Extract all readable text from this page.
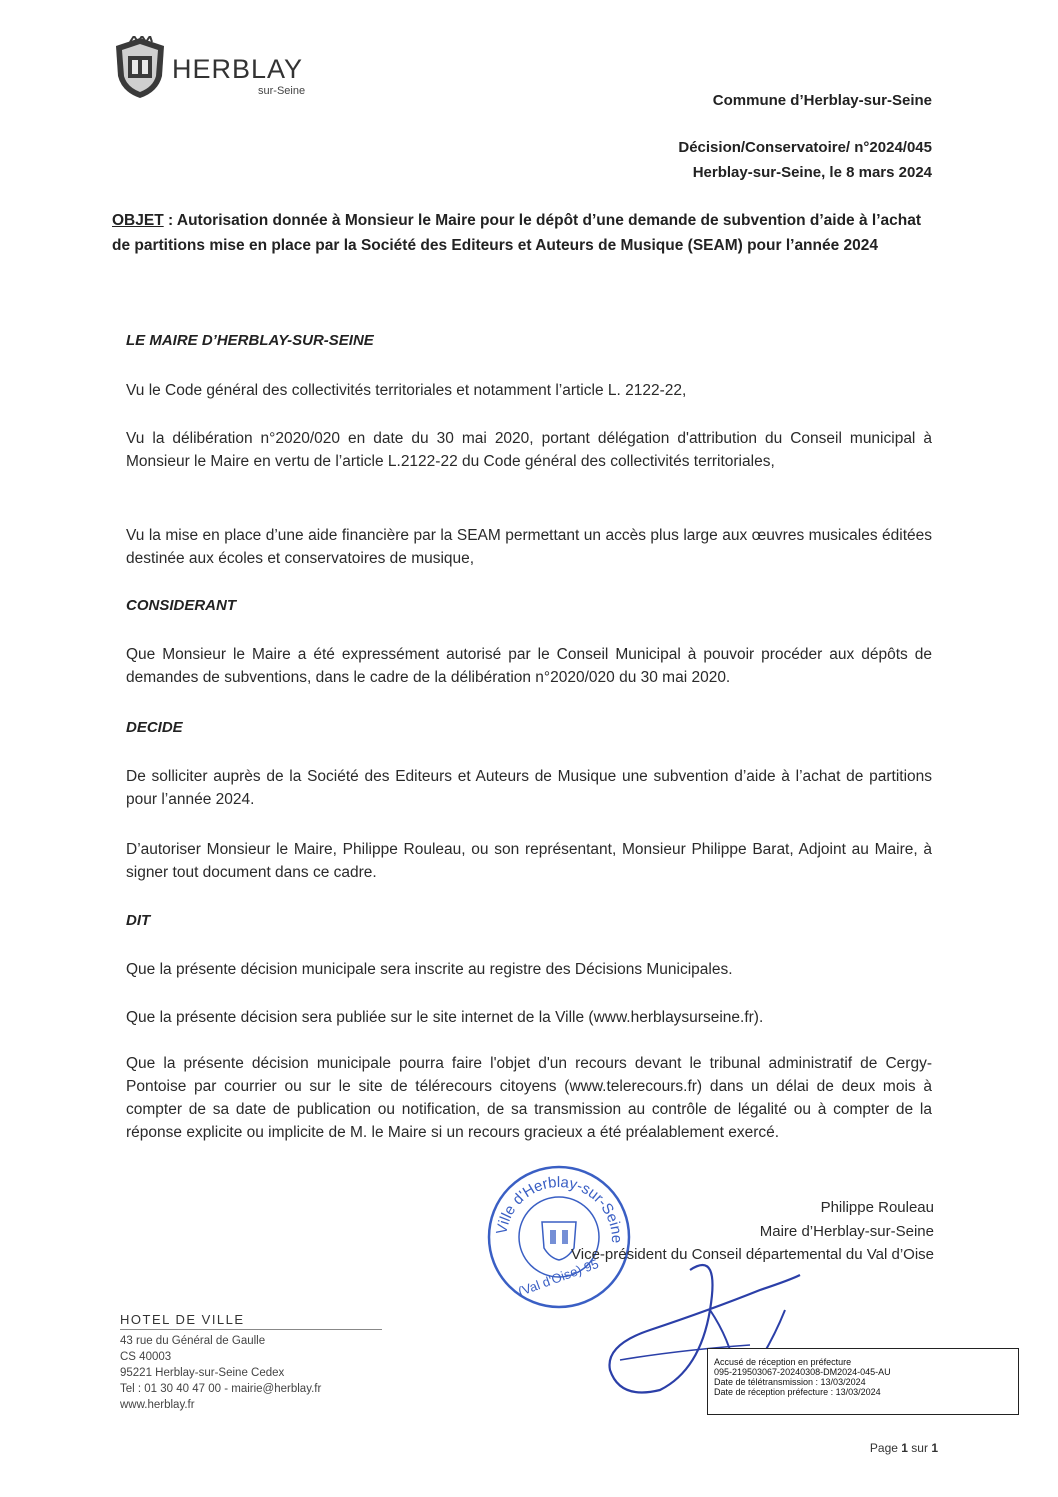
HERBLAY
sur-Seine
Commune d’Herblay-sur-Seine
Décision/Conservatoire/ n°2024/045
Herblay-sur-Seine, le 8 mars 2024
OBJET : Autorisation donnée à Monsieur le Maire pour le dépôt d’une demande de subvention d’aide à l’achat de partitions mise en place par la Société des Editeurs et Auteurs de Musique (SEAM) pour l’année 2024
LE MAIRE D’HERBLAY-SUR-SEINE
Vu le Code général des collectivités territoriales et notamment l’article L. 2122-22,
Vu la délibération n°2020/020 en date du 30 mai 2020, portant délégation d'attribution du Conseil municipal à Monsieur le Maire en vertu de l’article L.2122-22 du Code général des collectivités territoriales,
Vu la mise en place d’une aide financière par la SEAM permettant un accès plus large aux œuvres musicales éditées destinée aux écoles et conservatoires de musique,
CONSIDERANT
Que Monsieur le Maire a été expressément autorisé par le Conseil Municipal à pouvoir procéder aux dépôts de demandes de subventions, dans le cadre de la délibération n°2020/020 du 30 mai 2020.
DECIDE
De solliciter auprès de la Société des Editeurs et Auteurs de Musique une subvention d’aide à l’achat de partitions pour l’année 2024.
D’autoriser Monsieur le Maire, Philippe Rouleau, ou son représentant, Monsieur Philippe Barat, Adjoint au Maire, à signer tout document dans ce cadre.
DIT
Que la présente décision municipale sera inscrite au registre des Décisions Municipales.
Que la présente décision sera publiée sur le site internet de la Ville (www.herblaysurseine.fr).
Que la présente décision municipale pourra faire l'objet d'un recours devant le tribunal administratif de Cergy-Pontoise par courrier ou sur le site de télérecours citoyens (www.telerecours.fr) dans un délai de deux mois à compter de sa date de publication ou notification, de sa transmission au contrôle de légalité ou à compter de la réponse explicite ou implicite de M. le Maire si un recours gracieux a été préalablement exercé.
Ville d'Herblay-sur-Seine
(Val d'Oise) 95
Philippe Rouleau
Maire d’Herblay-sur-Seine
Vice-président du Conseil départemental du Val d’Oise
HOTEL DE VILLE
43 rue du Général de Gaulle
CS 40003
95221 Herblay-sur-Seine Cedex
Tel : 01 30 40 47 00 - mairie@herblay.fr
www.herblay.fr
Accusé de réception en préfecture
095-219503067-20240308-DM2024-045-AU
Date de télétransmission : 13/03/2024
Date de réception préfecture : 13/03/2024
Page 1 sur 1
